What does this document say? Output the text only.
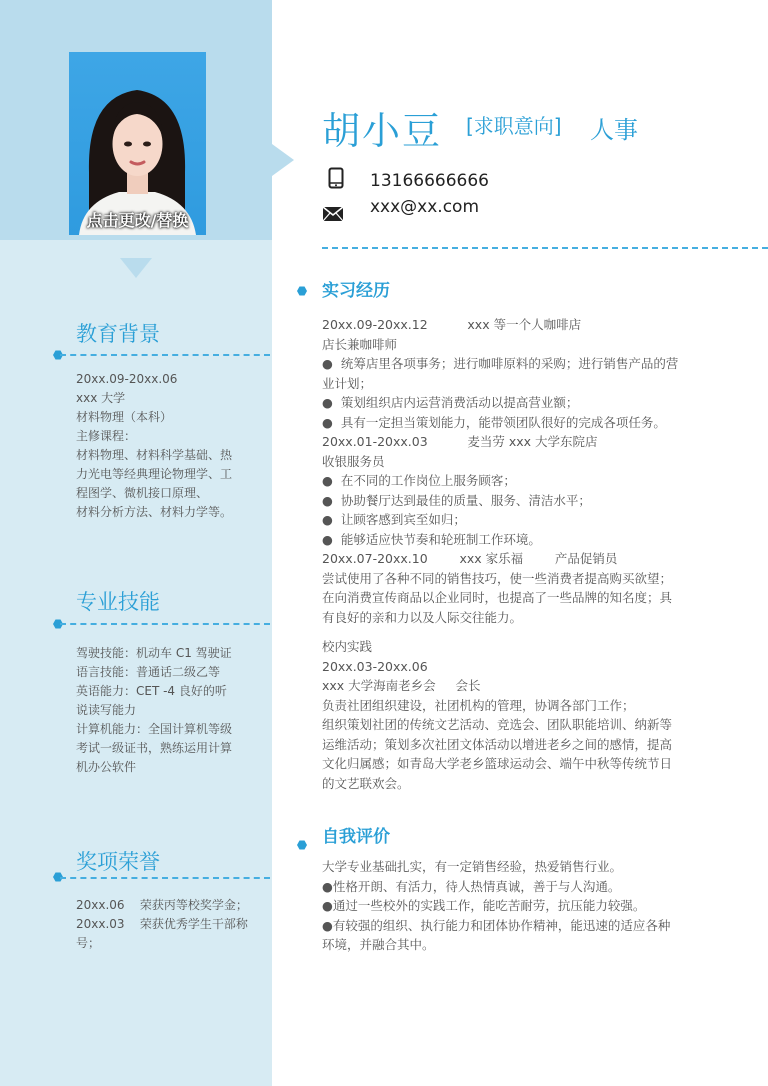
点击更改/替换
教育背景
20xx.09-20xx.06
xxx 大学
材料物理（本科）
主修课程：
材料物理、材料科学基础、热
力光电等经典理论物理学、工
程图学、微机接口原理、
材料分析方法、材料力学等。
专业技能
驾驶技能：机动车 C1 驾驶证
语言技能：普通话二级乙等
英语能力：CET -4 良好的听
说读写能力
计算机能力：全国计算机等级
考试一级证书，熟练运用计算
机办公软件
奖项荣誉
20xx.06    荣获丙等校奖学金；
20xx.03    荣获优秀学生干部称号；
胡小豆 [求职意向] 人事
13166666666
xxx@xx.com
实习经历
20xx.09-20xx.12          xxx 等一个人咖啡店
店长兼咖啡师
●  统筹店里各项事务；进行咖啡原料的采购；进行销售产品的营
业计划；
●  策划组织店内运营消费活动以提高营业额；
●  具有一定担当策划能力，能带领团队很好的完成各项任务。
20xx.01-20xx.03          麦当劳 xxx 大学东院店
收银服务员
●  在不同的工作岗位上服务顾客；
●  协助餐厅达到最佳的质量、服务、清洁水平；
●  让顾客感到宾至如归；
●  能够适应快节奏和轮班制工作环境。
20xx.07-20xx.10        xxx 家乐福        产品促销员
尝试使用了各种不同的销售技巧，使一些消费者提高购买欲望；
在向消费宣传商品以企业同时，也提高了一些品牌的知名度；具
有良好的亲和力以及人际交往能力。
校内实践
20xx.03-20xx.06
xxx 大学海南老乡会     会长
负责社团组织建设，社团机构的管理，协调各部门工作；
组织策划社团的传统文艺活动、竞选会、团队职能培训、纳新等
运维活动；策划多次社团文体活动以增进老乡之间的感情，提高
文化归属感；如青岛大学老乡篮球运动会、端午中秋等传统节日
的文艺联欢会。
自我评价
大学专业基础扎实，有一定销售经验，热爱销售行业。
●性格开朗、有活力，待人热情真诚，善于与人沟通。
●通过一些校外的实践工作，能吃苦耐劳，抗压能力较强。
●有较强的组织、执行能力和团体协作精神，能迅速的适应各种
环境，并融合其中。
